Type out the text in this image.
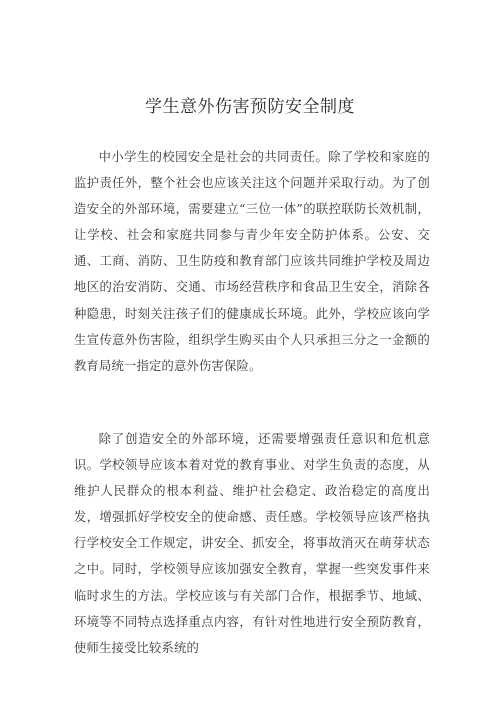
学生意外伤害预防安全制度

中小学生的校园安全是社会的共同责任。除了学校和家庭的监护责任外，整个社会也应该关注这个问题并采取行动。为了创造安全的外部环境，需要建立“三位一体”的联控联防长效机制，让学校、社会和家庭共同参与青少年安全防护体系。公安、交通、工商、消防、卫生防疫和教育部门应该共同维护学校及周边地区的治安消防、交通、市场经营秩序和食品卫生安全，消除各种隐患，时刻关注孩子们的健康成长环境。此外，学校应该向学生宣传意外伤害险，组织学生购买由个人只承担三分之一金额的教育局统一指定的意外伤害保险。

除了创造安全的外部环境，还需要增强责任意识和危机意识。学校领导应该本着对党的教育事业、对学生负责的态度，从维护人民群众的根本利益、维护社会稳定、政治稳定的高度出发，增强抓好学校安全的使命感、责任感。学校领导应该严格执行学校安全工作规定，讲安全、抓安全，将事故消灭在萌芽状态之中。同时，学校领导应该加强安全教育，掌握一些突发事件来临时求生的方法。学校应该与有关部门合作，根据季节、地域、环境等不同特点选择重点内容，有针对性地进行安全预防教育，使师生接受比较系统的
